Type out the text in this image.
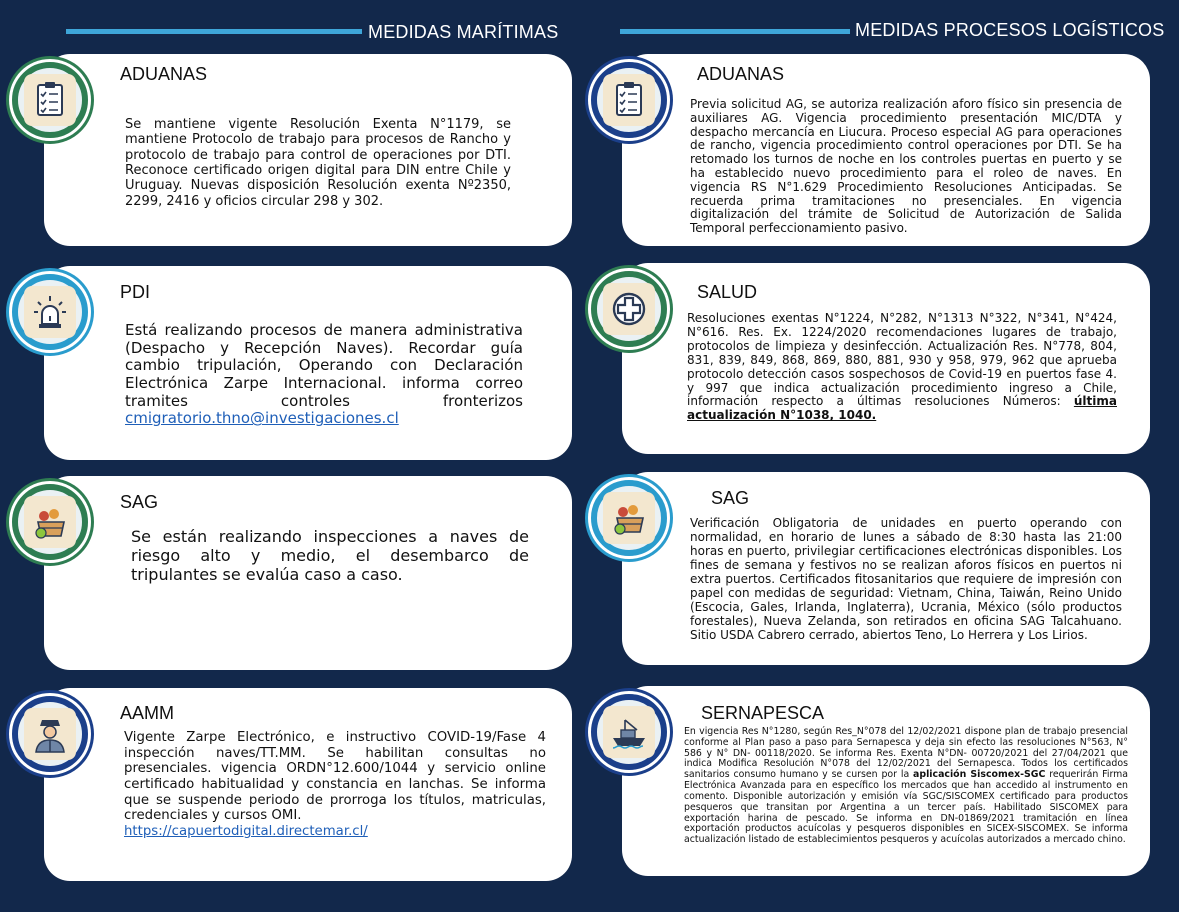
MEDIDAS MARÍTIMAS	MEDIDAS PROCESOS LOGÍSTICOS
ADUANAS
Se mantiene vigente Resolución Exenta N°1179, se mantiene Protocolo de trabajo para procesos de Rancho y protocolo de trabajo para control de operaciones por DTI. Reconoce certificado origen digital para DIN entre Chile y Uruguay. Nuevas disposición Resolución exenta Nº2350, 2299, 2416 y oficios circular 298 y 302.
PDI
Está realizando procesos de manera administrativa (Despacho y Recepción Naves). Recordar guía cambio tripulación, Operando con Declaración Electrónica Zarpe Internacional. informa correo tramites controles fronterizos cmigratorio.thno@investigaciones.cl
SAG
Se están realizando inspecciones a naves de riesgo alto y medio, el desembarco de tripulantes se evalúa caso a caso.
AAMM
Vigente Zarpe Electrónico, e instructivo COVID-19/Fase 4 inspección naves/TT.MM. Se habilitan consultas no presenciales. vigencia ORDN°12.600/1044 y servicio online certificado habitualidad y constancia en lanchas. Se informa que se suspende periodo de prorroga los títulos, matriculas, credenciales y cursos OMI.
https://capuertodigital.directemar.cl/
ADUANAS
Previa solicitud AG, se autoriza realización aforo físico sin presencia de auxiliares AG. Vigencia procedimiento presentación MIC/DTA y despacho mercancía en Liucura. Proceso especial AG para operaciones de rancho, vigencia procedimiento control operaciones por DTI. Se ha retomado los turnos de noche en los controles puertas en puerto y se ha establecido nuevo procedimiento para el roleo de naves. En vigencia RS N°1.629 Procedimiento Resoluciones Anticipadas. Se recuerda prima tramitaciones no presenciales. En vigencia digitalización del trámite de Solicitud de Autorización de Salida Temporal perfeccionamiento pasivo.
SALUD
Resoluciones exentas N°1224, N°282, N°1313 N°322, N°341, N°424, N°616. Res. Ex. 1224/2020 recomendaciones lugares de trabajo, protocolos de limpieza y desinfección. Actualización Res. N°778, 804, 831, 839, 849, 868, 869, 880, 881, 930 y 958, 979, 962 que aprueba protocolo detección casos sospechosos de Covid-19 en puertos fase 4. y 997 que indica actualización procedimiento ingreso a Chile, información respecto a últimas resoluciones Números: última actualización N°1038, 1040.
SAG
Verificación Obligatoria de unidades en puerto operando con normalidad, en horario de lunes a sábado de 8:30 hasta las 21:00 horas en puerto, privilegiar certificaciones electrónicas disponibles. Los fines de semana y festivos no se realizan aforos físicos en puertos ni extra puertos. Certificados fitosanitarios que requiere de impresión con papel con medidas de seguridad: Vietnam, China, Taiwán, Reino Unido (Escocia, Gales, Irlanda, Inglaterra), Ucrania, México (sólo productos forestales), Nueva Zelanda, son retirados en oficina SAG Talcahuano. Sitio USDA Cabrero cerrado, abiertos Teno, Lo Herrera y Los Lirios.
SERNAPESCA
En vigencia Res N°1280, según Res_N°078 del 12/02/2021 dispone plan de trabajo presencial conforme al Plan paso a paso para Sernapesca y deja sin efecto las resoluciones N°563, N° 586 y N° DN- 00118/2020. Se informa Res. Exenta N°DN- 00720/2021 del 27/04/2021 que indica Modifica Resolución N°078 del 12/02/2021 del Sernapesca. Todos los certificados sanitarios consumo humano y se cursen por la aplicación Siscomex-SGC requerirán Firma Electrónica Avanzada para en específico los mercados que han accedido al instrumento en comento. Disponible autorización y emisión vía SGC/SISCOMEX certificado para productos pesqueros que transitan por Argentina a un tercer país. Habilitado SISCOMEX para exportación harina de pescado. Se informa en DN-01869/2021 tramitación en línea exportación productos acuícolas y pesqueros disponibles en SICEX-SISCOMEX. Se informa actualización listado de establecimientos pesqueros y acuícolas autorizados a mercado chino.
